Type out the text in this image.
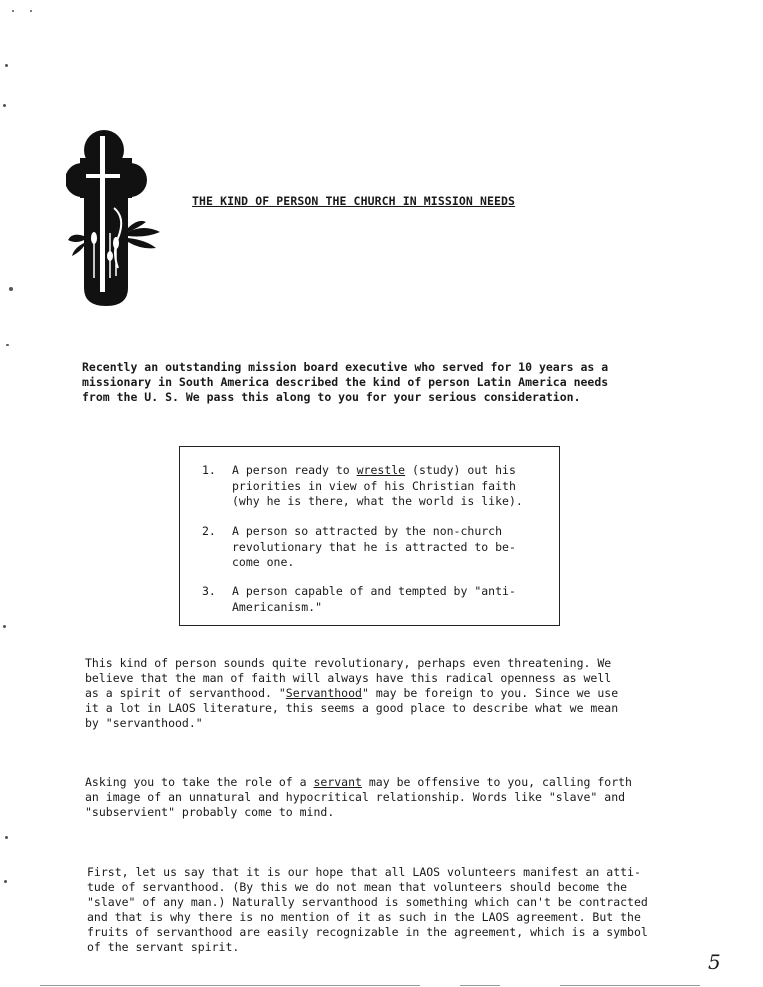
THE KIND OF PERSON THE CHURCH IN MISSION NEEDS
Recently an outstanding mission board executive who served for 10 years as a
missionary in South America described the kind of person Latin America needs
from the U. S. We pass this along to you for your serious consideration.
1. A person ready to wrestle (study) out his
priorities in view of his Christian faith
(why he is there, what the world is like).
2. A person so attracted by the non-church
revolutionary that he is attracted to be-
come one.
3. A person capable of and tempted by "anti-
Americanism."
This kind of person sounds quite revolutionary, perhaps even threatening. We
believe that the man of faith will always have this radical openness as well
as a spirit of servanthood. "Servanthood" may be foreign to you. Since we use
it a lot in LAOS literature, this seems a good place to describe what we mean
by "servanthood."
Asking you to take the role of a servant may be offensive to you, calling forth
an image of an unnatural and hypocritical relationship. Words like "slave" and
"subservient" probably come to mind.
First, let us say that it is our hope that all LAOS volunteers manifest an atti-
tude of servanthood. (By this we do not mean that volunteers should become the
"slave" of any man.) Naturally servanthood is something which can't be contracted
and that is why there is no mention of it as such in the LAOS agreement. But the
fruits of servanthood are easily recognizable in the agreement, which is a symbol
of the servant spirit.
5
